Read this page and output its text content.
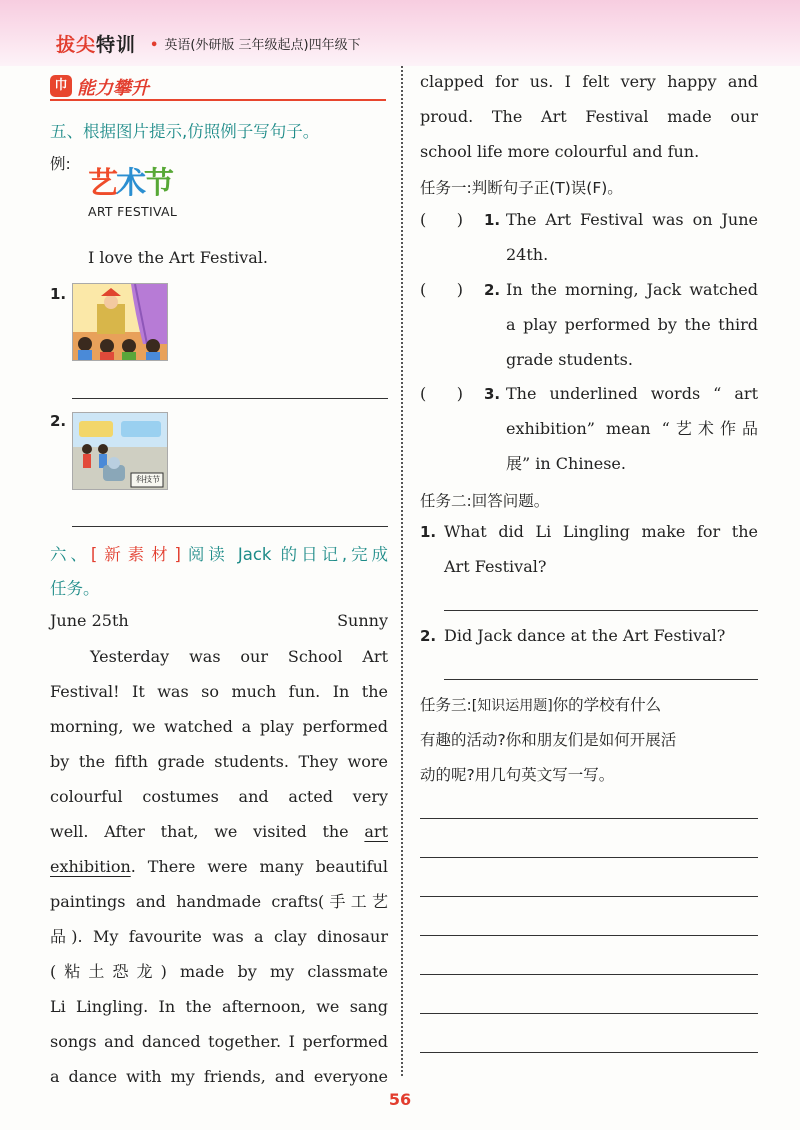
拔尖特训 • 英语(外研版 三年级起点)四年级下
巾 能力攀升
五、根据图片提示,仿照例子写句子。
例:
艺术节
ART FESTIVAL
I love the Art Festival.
1.
2.
科技节
六、[新素材]阅读 Jack 的日记,完成
任务。
June 25th	Sunny
Yesterday was our School Art
Festival! It was so much fun. In the
morning, we watched a play performed
by the fifth grade students. They wore
colourful costumes and acted very
well. After that, we visited the art
exhibition. There were many beautiful
paintings and handmade crafts(手工艺
品). My favourite was a clay dinosaur
(粘土恐龙) made by my classmate
Li Lingling. In the afternoon, we sang
songs and danced together. I performed
a dance with my friends, and everyone
clapped for us. I felt very happy and
proud. The Art Festival made our
school life more colourful and fun.
任务一:判断句子正(T)误(F)。
(      ) 1. The Art Festival was on June
24th.
(      ) 2. In the morning, Jack watched
a play performed by the third
grade students.
(      ) 3. The underlined words “ art
exhibition” mean “艺术作品
展” in Chinese.
任务二:回答问题。
1. What did Li Lingling make for the
Art Festival?
2. Did Jack dance at the Art Festival?
任务三:[知识运用题]你的学校有什么
有趣的活动?你和朋友们是如何开展活
动的呢?用几句英文写一写。
56
